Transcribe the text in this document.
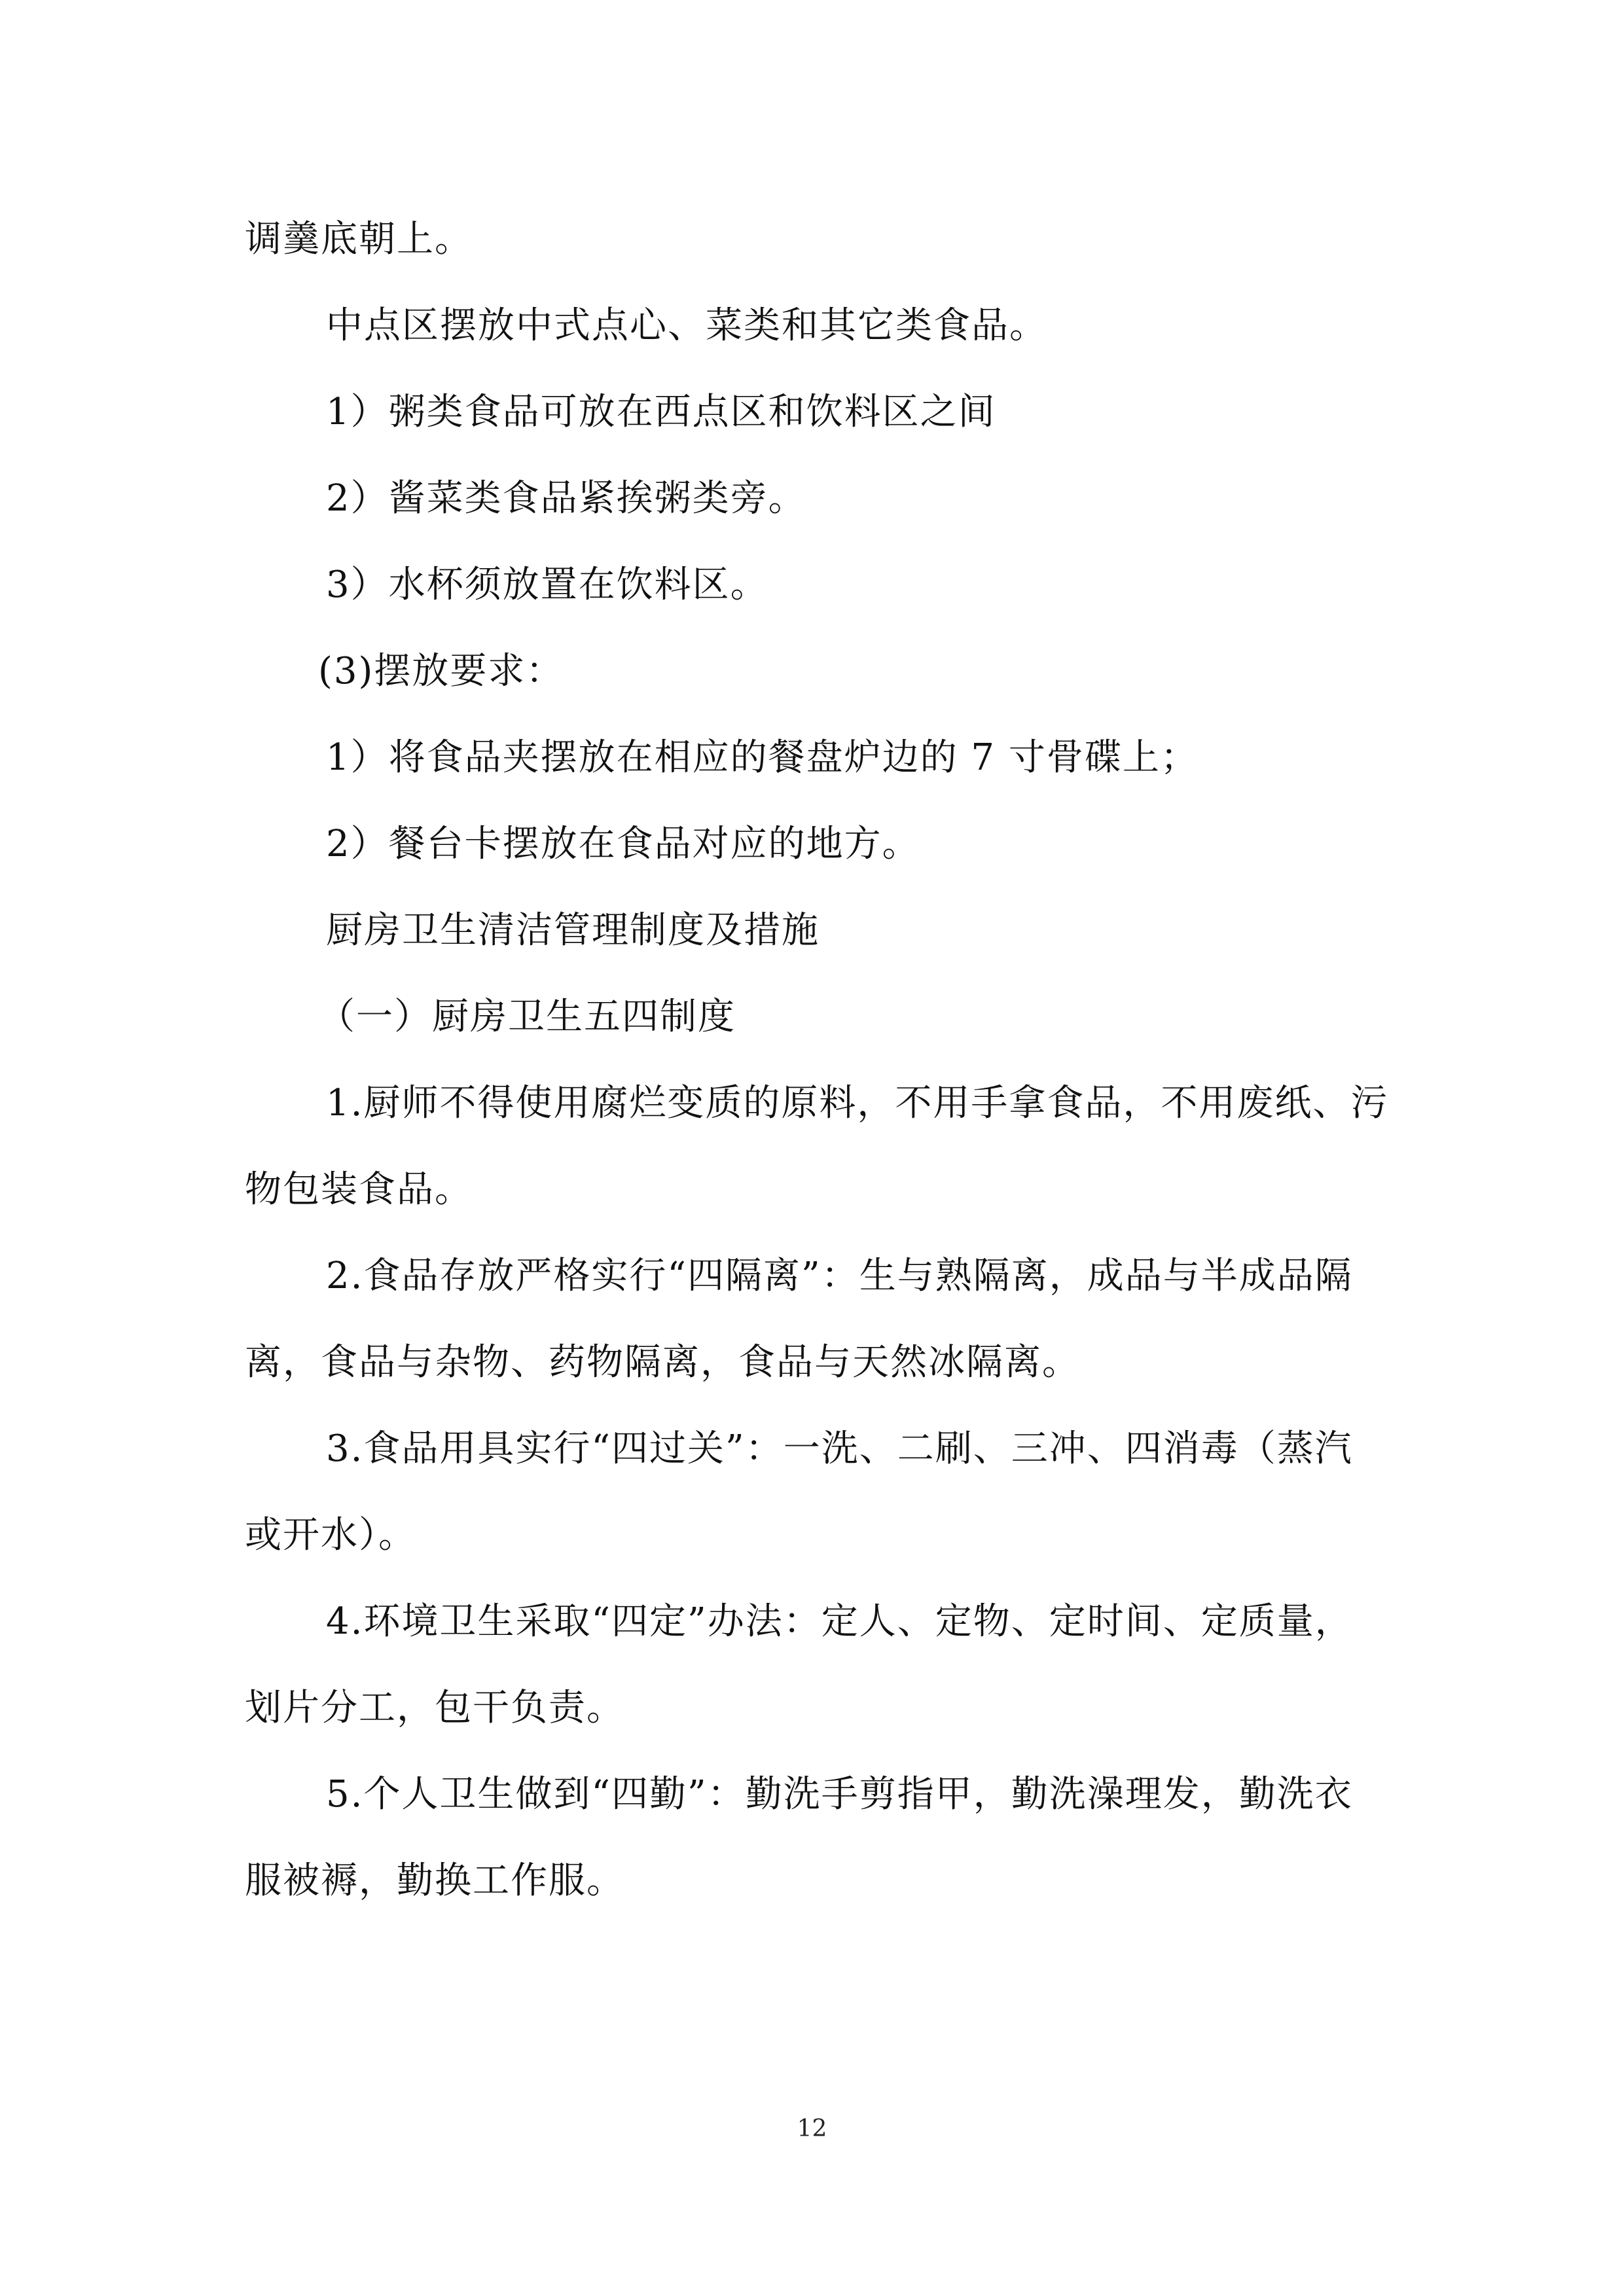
调羹底朝上。
中点区摆放中式点心、菜类和其它类食品。
1）粥类食品可放在西点区和饮料区之间
2）酱菜类食品紧挨粥类旁。
3）水杯须放置在饮料区。
(3)摆放要求：
1）将食品夹摆放在相应的餐盘炉边的 7 寸骨碟上；
2）餐台卡摆放在食品对应的地方。
厨房卫生清洁管理制度及措施
（一）厨房卫生五四制度
1.厨师不得使用腐烂变质的原料，不用手拿食品，不用废纸、污
物包装食品。
2.食品存放严格实行“四隔离”：生与熟隔离，成品与半成品隔
离，食品与杂物、药物隔离，食品与天然冰隔离。
3.食品用具实行“四过关”：一洗、二刷、三冲、四消毒（蒸汽
或开水）。
4.环境卫生采取“四定”办法：定人、定物、定时间、定质量，
划片分工，包干负责。
5.个人卫生做到“四勤”：勤洗手剪指甲，勤洗澡理发，勤洗衣
服被褥，勤换工作服。
12
